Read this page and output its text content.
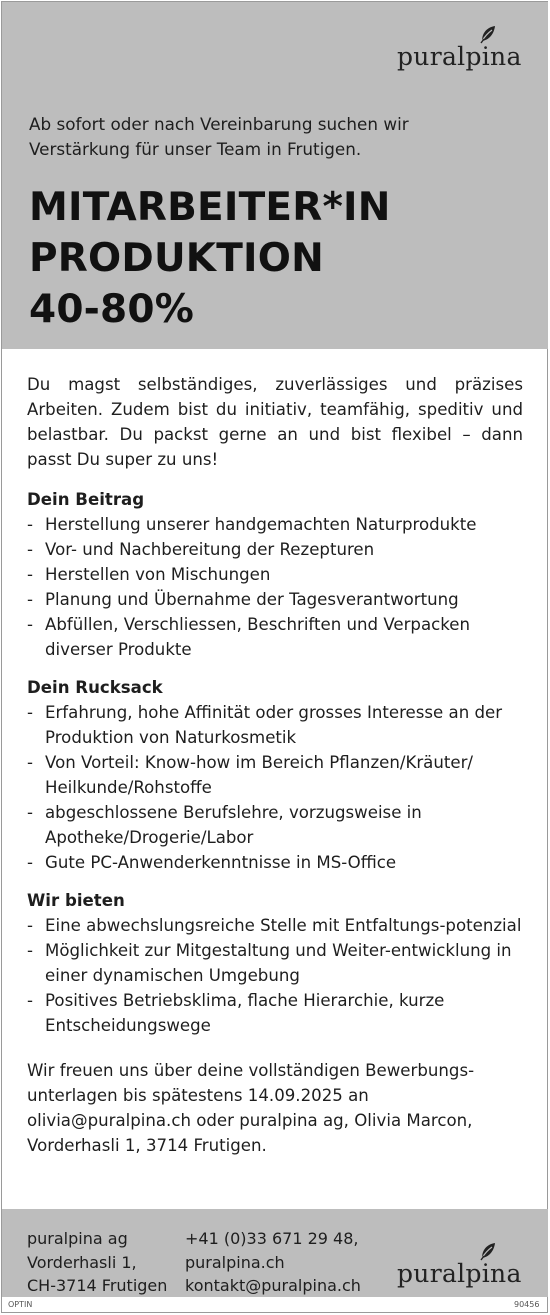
puralpina
Ab sofort oder nach Vereinbarung suchen wir Verstärkung für unser Team in Frutigen.
MITARBEITER*IN
PRODUKTION
40-80%

Du magst selbständiges, zuverlässiges und präzises Arbeiten. Zudem bist du initiativ, teamfähig, speditiv und belastbar. Du packst gerne an und bist flexibel – dann passt Du super zu uns!

Dein Beitrag
- Herstellung unserer handgemachten Naturprodukte
- Vor- und Nachbereitung der Rezepturen
- Herstellen von Mischungen
- Planung und Übernahme der Tagesverantwortung
- Abfüllen, Verschliessen, Beschriften und Verpacken diverser Produkte
Dein Rucksack
- Erfahrung, hohe Affinität oder grosses Interesse an der Produktion von Naturkosmetik
- Von Vorteil: Know-how im Bereich Pflanzen/Kräuter/ Heilkunde/Rohstoffe
- abgeschlossene Berufslehre, vorzugsweise in Apotheke/Drogerie/Labor
- Gute PC-Anwenderkenntnisse in MS-Office
Wir bieten
- Eine abwechslungsreiche Stelle mit Entfaltungs-potenzial
- Möglichkeit zur Mitgestaltung und Weiter-entwicklung in einer dynamischen Umgebung
- Positives Betriebsklima, flache Hierarchie, kurze Entscheidungswege

Wir freuen uns über deine vollständigen Bewerbungs-unterlagen bis spätestens 14.09.2025 an olivia@puralpina.ch oder puralpina ag, Olivia Marcon, Vorderhasli 1, 3714 Frutigen.

puralpina ag
Vorderhasli 1,
CH-3714 Frutigen
+41 (0)33 671 29 48,
puralpina.ch
kontakt@puralpina.ch puralpina
OPTIN	90456
